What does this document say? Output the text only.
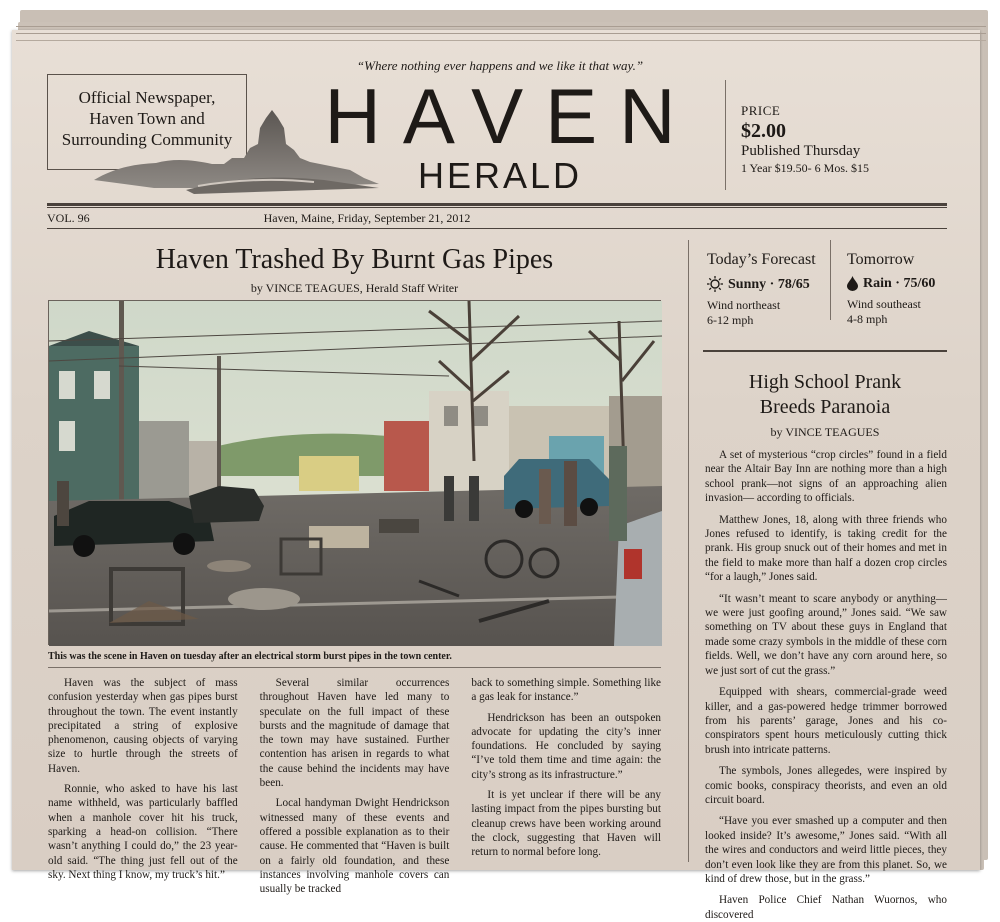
“Where nothing ever happens and we like it that way.”
Official Newspaper,
Haven Town and
Surrounding Community	HAVEN
HERALD
PRICE
$2.00
Published Thursday
1 Year $19.50- 6 Mos. $15
VOL. 96	Haven, Maine, Friday, September 21, 2012
Haven Trashed By Burnt Gas Pipes
by VINCE TEAGUES, Herald Staff Writer
This was the scene in Haven on tuesday after an electrical storm burst pipes in the town center.

Haven was the subject of mass confusion yesterday when gas pipes burst throughout the town. The event instantly precipitated a string of explosive phenomenon, causing objects of varying size to hurtle through the streets of Haven.

Ronnie, who asked to have his last name withheld, was particularly baffled when a manhole cover hit his truck, sparking a head-on collision. “There wasn’t anything I could do,” the 23 year-old said. “The thing just fell out of the sky. Next thing I know, my truck’s hit.”

Several similar occurrences throughout Haven have led many to speculate on the full impact of these bursts and the magnitude of damage that the town may have sustained. Further contention has arisen in regards to what the cause behind the incidents may have been.

Local handyman Dwight Hendrickson witnessed many of these events and offered a possible explanation as to their cause. He commented that “Haven is built on a fairly old foundation, and these instances involving manhole covers can usually be tracked

back to something simple. Something like a gas leak for instance.”

Hendrickson has been an outspoken advocate for updating the city’s inner foundations. He concluded by saying “I’ve told them time and time again: the city’s strong as its infrastructure.”

It is yet unclear if there will be any lasting impact from the pipes bursting but cleanup crews have been working around the clock, suggesting that Haven will return to normal before long.

Today’s Forecast
Sunny · 78/65
Wind northeast
6-12 mph
Tomorrow
Rain · 75/60
Wind southeast
4-8 mph
High School Prank
Breeds Paranoia
by VINCE TEAGUES

A set of mysterious “crop circles” found in a field near the Altair Bay Inn are nothing more than a high school prank—not signs of an approaching alien invasion— according to officials.

Matthew Jones, 18, along with three friends who Jones refused to identify, is taking credit for the prank. His group snuck out of their homes and met in the field to make more than half a dozen crop circles “for a laugh,” Jones said.

“It wasn’t meant to scare anybody or anything—we were just goofing around,” Jones said. “We saw something on TV about these guys in England that made some crazy symbols in the middle of these corn fields. Well, we don’t have any corn around here, so we just sort of cut the grass.”

Equipped with shears, commercial-grade weed killer, and a gas-powered hedge trimmer borrowed from his parents’ garage, Jones and his co-conspirators spent hours meticulously cutting thick brush into intricate patterns.

The symbols, Jones allegedes, were inspired by comic books, conspiracy theorists, and even an old circuit board.

“Have you ever smashed up a computer and then looked inside? It’s awesome,” Jones said. “With all the wires and conductors and weird little pieces, they don’t even look like they are from this planet. So, we kind of drew those, but in the grass.”

Haven Police Chief Nathan Wuornos, who discovered
